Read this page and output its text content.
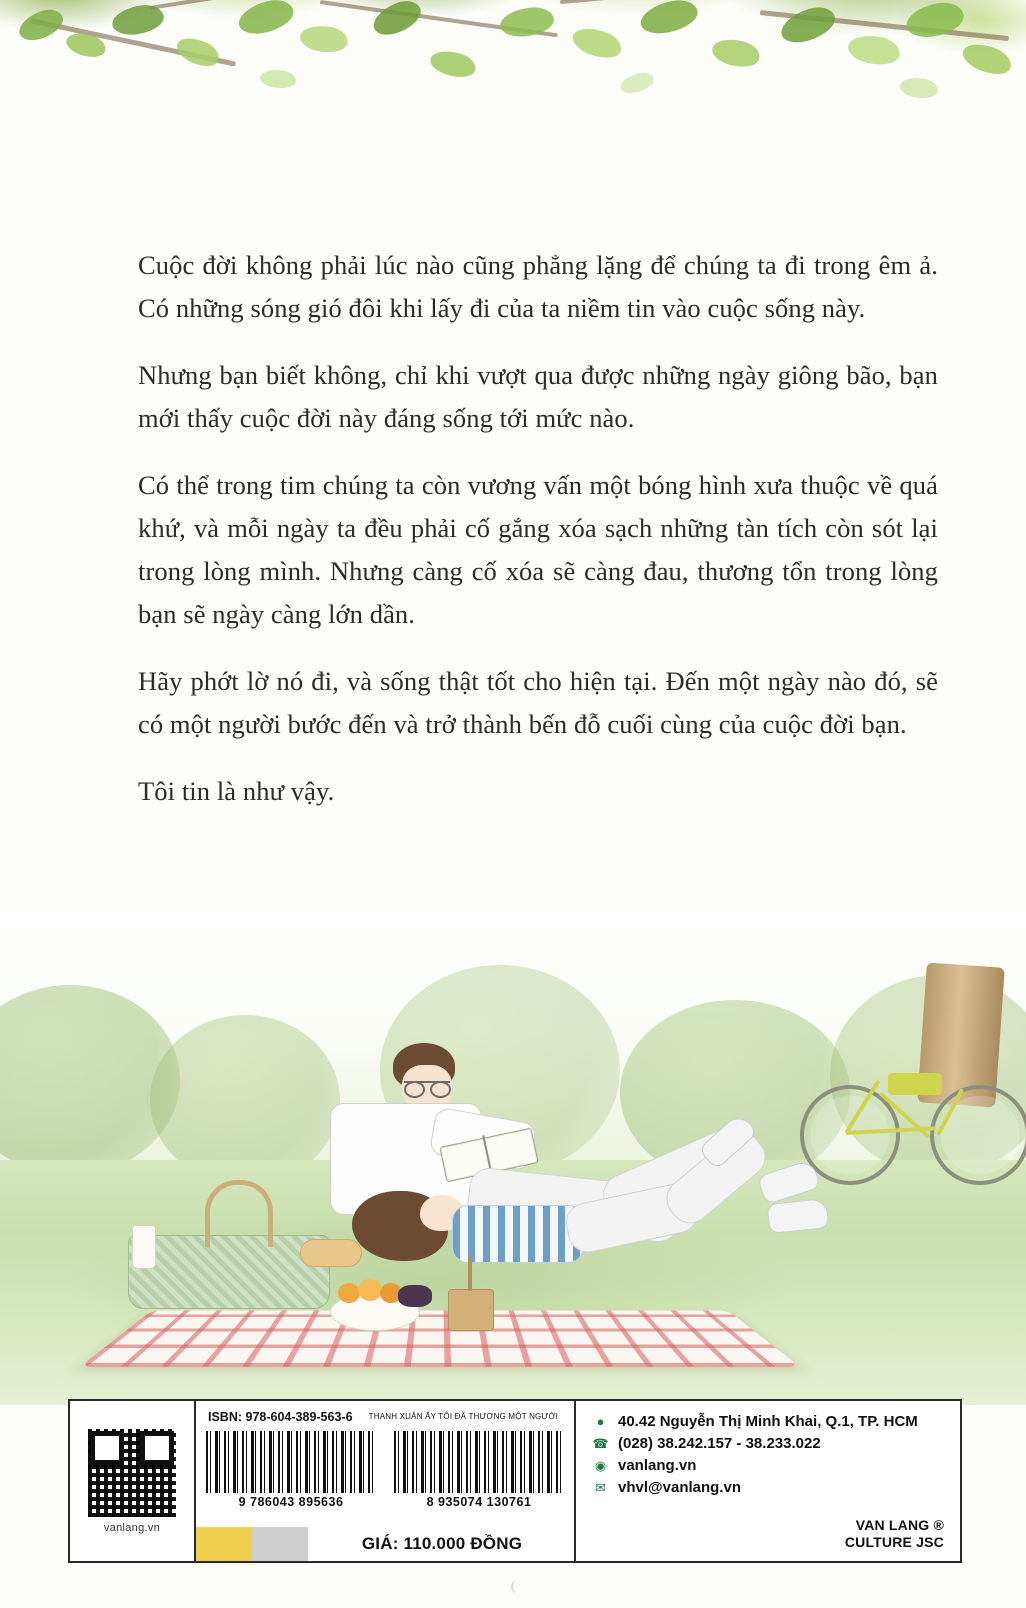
Cuộc đời không phải lúc nào cũng phẳng lặng để chúng ta đi trong êm ả. Có những sóng gió đôi khi lấy đi của ta niềm tin vào cuộc sống này.

Nhưng bạn biết không, chỉ khi vượt qua được những ngày giông bão, bạn mới thấy cuộc đời này đáng sống tới mức nào.

Có thể trong tim chúng ta còn vương vấn một bóng hình xưa thuộc về quá khứ, và mỗi ngày ta đều phải cố gắng xóa sạch những tàn tích còn sót lại trong lòng mình. Nhưng càng cố xóa sẽ càng đau, thương tổn trong lòng bạn sẽ ngày càng lớn dần.

Hãy phớt lờ nó đi, và sống thật tốt cho hiện tại. Đến một ngày nào đó, sẽ có một người bước đến và trở thành bến đỗ cuối cùng của cuộc đời bạn.

Tôi tin là như vậy.

vanlang.vn
ISBN: 978-604-389-563-6 THANH XUÂN ẤY TÔI ĐÃ THƯƠNG MỘT NGƯỜI
9 786043 895636	8 935074 130761
GIÁ: 110.000 ĐỒNG
● 40.42 Nguyễn Thị Minh Khai, Q.1, TP. HCM
☎ (028) 38.242.157 - 38.233.022
◉ vanlang.vn
✉ vhvl@vanlang.vn
VAN LANG ®
CULTURE JSC
(
